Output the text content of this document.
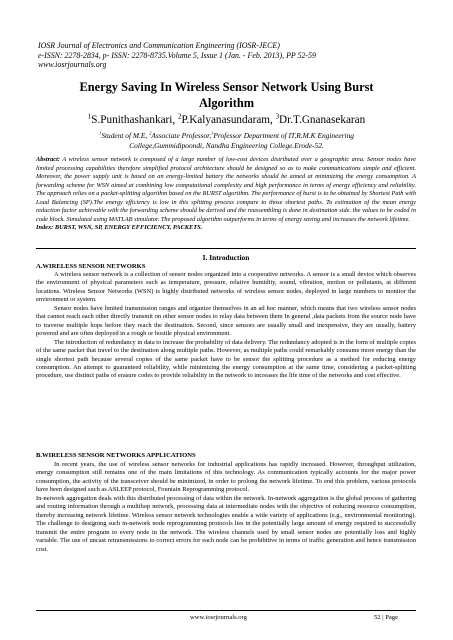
IOSR Journal of Electronics and Communication Engineering (IOSR-JECE)
e-ISSN: 2278-2834, p- ISSN: 2278-8735.Volume 5, Issue 1 (Jan. - Feb. 2013), PP 52-59
www.iosrjournals.org
Energy Saving In Wireless Sensor Network Using Burst
Algorithm
$^1$S.Punithashankari, $^2$P.Kalyanasundaram, $^3$Dr.T.Gnanasekaran
$^1$Student of M.E, $^2$Associate Professor,$^3$Professor Department of IT,R.M.K Engineering
College,Gummidipoondi, Nandha Engineering College.Erode-52.
Abstract: A wireless sensor network is composed of a large number of low-cost devices distributed over a geographic area. Sensor nodes have limited processing capabilities therefore simplified protocol architecture should be designed so as to make communications simple and efficient. Moreover, the power supply unit is based on an energy-limited battery the networks should be aimed at minimizing the energy consumption. A forwarding scheme for WSN aimed at combining low computational complexity and high performance in terms of energy efficiency and reliability. The approach relies on a packet-splitting algorithm based on the BURST algorithm. The performance of burst is to be obtained by Shortest Path with Load Balancing (SP).The energy efficiency is low in this splitting process compare to those shortest paths. To estimation of the mean energy reduction factor achievable with the forwarding scheme should be derived and the reassembling is done in destination side. the values to be coded in code block. Simulated using MATLAB simulator. The proposed algorithm outperforms in terms of energy saving and increases the network lifetime.
Index: BURST, WSN, SP, ENERGY EFFICIENCY, PACKETS.
I. Introduction
A.WIRELESS SENSOR NETWORKS

A wireless sensor network is a collection of sensor nodes organized into a cooperative networks. A sensor is a small device which observes the environment of physical parameters such as temperature, pressure, relative humidity, sound, vibration, motion or pollutants, at different locations. Wireless Sensor Networks (WSN) is highly distributed networks of wireless sensor nodes, deployed in large numbers to monitor the environment or system.

Sensor nodes have limited transmission ranges and organize themselves in an ad hoc manner, which means that two wireless sensor nodes that cannot reach each other directly transmit on other sensor nodes to relay data between them In general ,data packets from the source node have to traverse multiple hops before they reach the destination. Second, since sensors are usually small and inexpensive, they are usually, battery powered and are often deployed in a rough or hostile physical environment.

The introduction of redundancy in data to increase the probability of data delivery. The redundancy adopted is in the form of multiple copies of the same packet that travel to the destination along multiple paths. However, as multiple paths could remarkably consume more energy than the single shortest path because several copies of the same packet have to be sensor the splitting procedure as a method for reducing energy consumption. An attempt to guaranteed reliability, while minimizing the energy consumption at the same time, considering a packet-splitting procedure, use distinct paths of erasure codes to provide reliability in the network to increases the life time of the networks and cost effective.

B.WIRELESS SENSOR NETWORKS APPLICATIONS

In recent years, the use of wireless sensor networks for industrial applications has rapidly increased. However, throughput utilization, energy consumption still remains one of the main limitations of this technology. As communication typically accounts for the major power consumption, the activity of the transceiver should be minimized, in order to prolong the network lifetime. To end this problem, various protocols have been designed such as ASLEEP protocol, Fountain Reprogramming protocol.

In-network aggregation deals with this distributed processing of data within the network. In-network aggregation is the global process of gathering and routing information through a multihop network, processing data at intermediate nodes with the objective of reducing resource consumption, thereby increasing network lifetime. Wireless sensor network technologies enable a wide variety of applications (e.g., environmental monitoring). The challenge to designing such in-network node reprogramming protocols lies in the potentially large amount of energy required to successfully transmit the entire program to every node in the network. The wireless channels used by small sensor nodes are potentially loss and highly variable. The use of uncast retransmissions to correct errors for each node can be prohibitive in terms of traffic generation and hence transmission cost.

www.iosrjournals.org	52 | Page
